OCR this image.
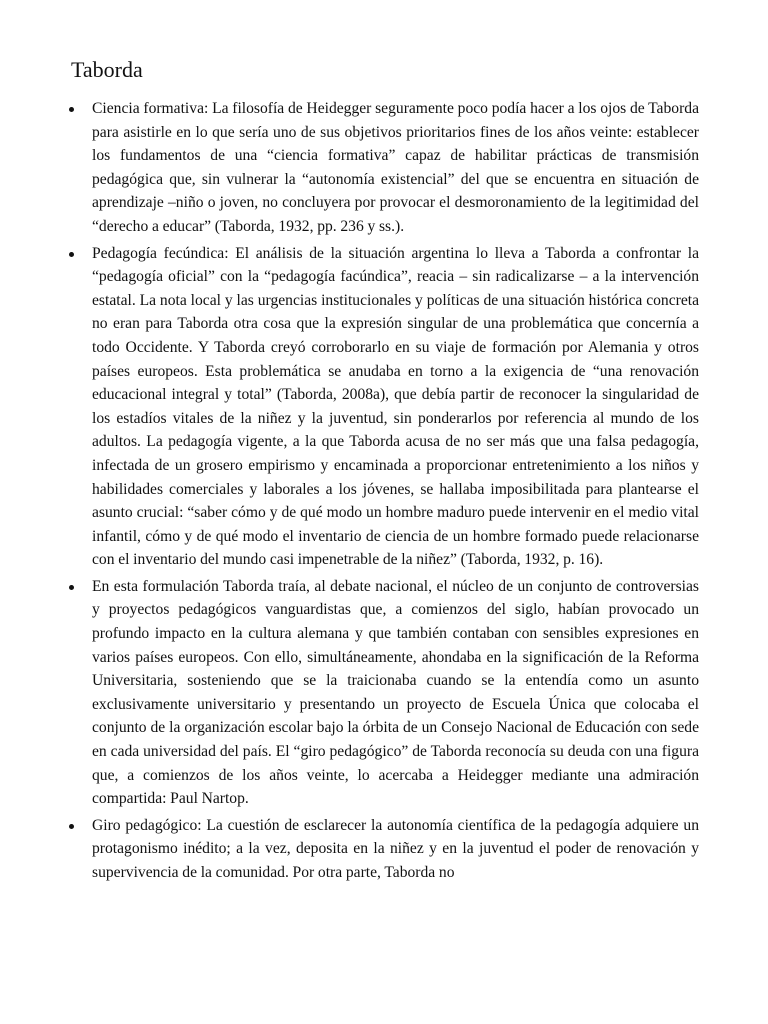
Taborda

Ciencia formativa: La filosofía de Heidegger seguramente poco podía hacer a los ojos de Taborda para asistirle en lo que sería uno de sus objetivos prioritarios fines de los años veinte: establecer los fundamentos de una “ciencia formativa” capaz de habilitar prácticas de transmisión pedagógica que, sin vulnerar la “autonomía existencial” del que se encuentra en situación de aprendizaje –niño o joven, no concluyera por provocar el desmoronamiento de la legitimidad del “derecho a educar” (Taborda, 1932, pp. 236 y ss.).

Pedagogía fecúndica: El análisis de la situación argentina lo lleva a Taborda a confrontar la “pedagogía oficial” con la “pedagogía facúndica”, reacia – sin radicalizarse – a la intervención estatal. La nota local y las urgencias institucionales y políticas de una situación histórica concreta no eran para Taborda otra cosa que la expresión singular de una problemática que concernía a todo Occidente. Y Taborda creyó corroborarlo en su viaje de formación por Alemania y otros países europeos. Esta problemática se anudaba en torno a la exigencia de “una renovación educacional integral y total” (Taborda, 2008a), que debía partir de reconocer la singularidad de los estadíos vitales de la niñez y la juventud, sin ponderarlos por referencia al mundo de los adultos. La pedagogía vigente, a la que Taborda acusa de no ser más que una falsa pedagogía, infectada de un grosero empirismo y encaminada a proporcionar entretenimiento a los niños y habilidades comerciales y laborales a los jóvenes, se hallaba imposibilitada para plantearse el asunto crucial: “saber cómo y de qué modo un hombre maduro puede intervenir en el medio vital infantil, cómo y de qué modo el inventario de ciencia de un hombre formado puede relacionarse con el inventario del mundo casi impenetrable de la niñez” (Taborda, 1932, p. 16).

En esta formulación Taborda traía, al debate nacional, el núcleo de un conjunto de controversias y proyectos pedagógicos vanguardistas que, a comienzos del siglo, habían provocado un profundo impacto en la cultura alemana y que también contaban con sensibles expresiones en varios países europeos. Con ello, simultáneamente, ahondaba en la significación de la Reforma Universitaria, sosteniendo que se la traicionaba cuando se la entendía como un asunto exclusivamente universitario y presentando un proyecto de Escuela Única que colocaba el conjunto de la organización escolar bajo la órbita de un Consejo Nacional de Educación con sede en cada universidad del país. El “giro pedagógico” de Taborda reconocía su deuda con una figura que, a comienzos de los años veinte, lo acercaba a Heidegger mediante una admiración compartida: Paul Nartop.

Giro pedagógico: La cuestión de esclarecer la autonomía científica de la pedagogía adquiere un protagonismo inédito; a la vez, deposita en la niñez y en la juventud el poder de renovación y supervivencia de la comunidad. Por otra parte, Taborda no
